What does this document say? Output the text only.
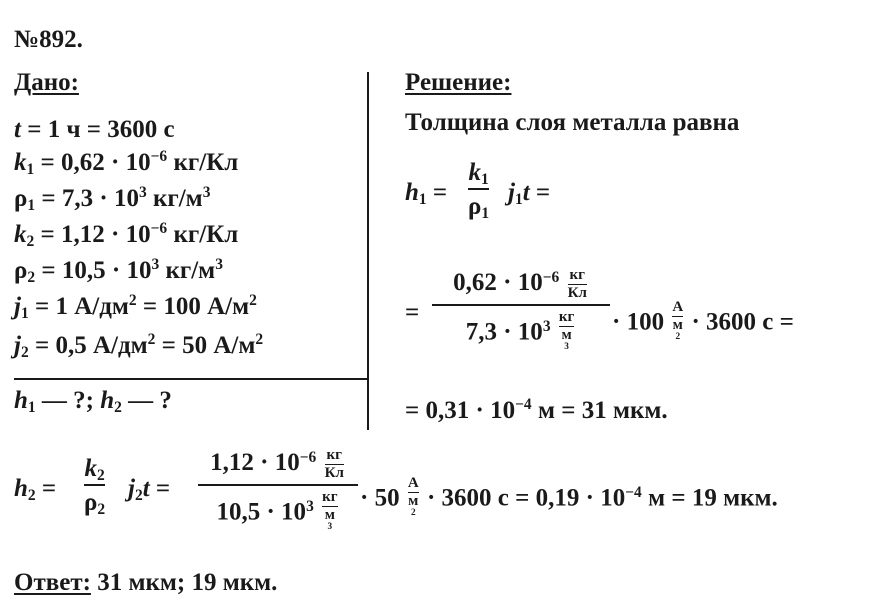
№892.
Дано:
t = 1 ч = 3600 с
$k_1 = 0,62 \cdot 10^{-6}$ кг/Кл
$\rho_1 = 7,3 \cdot 10^3$ $кг/м^3$
$k_2 = 1,12 \cdot 10^{-6}$ кг/Кл
$\rho_2 = 10,5 \cdot 10^3$ $кг/м^3$
$j_1 = 1$ $А/дм^2 = 100$ $А/м^2$
$j_2 = 0,5$ $А/дм^2 = 50$ $А/м^2$
$h_1$ — ?; $h_2$ — ?
Решение:
Толщина слоя металла равна
$h_1$ =
$k_1$
$\rho_1$
$j_1t$ =
=
$0,62 \cdot 10^{-6}$ кг
Кл
$7,3 \cdot 10^3$
кг
м
$^3$
· 100
А
м
$^2$
· 3600 с =
= $0,31 \cdot 10^{-4}$ м = 31 мкм.
$h_2$ =
$k_2$
$\rho_2$
$j_2t$ =
$1,12 \cdot 10^{-6}$ кг
Кл
$10,5 \cdot 10^3$
кг
м
$^3$
· 50
А
м
$^2$
· 3600 $с = 0,19 \cdot 10^{-4}$ м = 19 мкм.
Ответ: 31 мкм; 19 мкм.
